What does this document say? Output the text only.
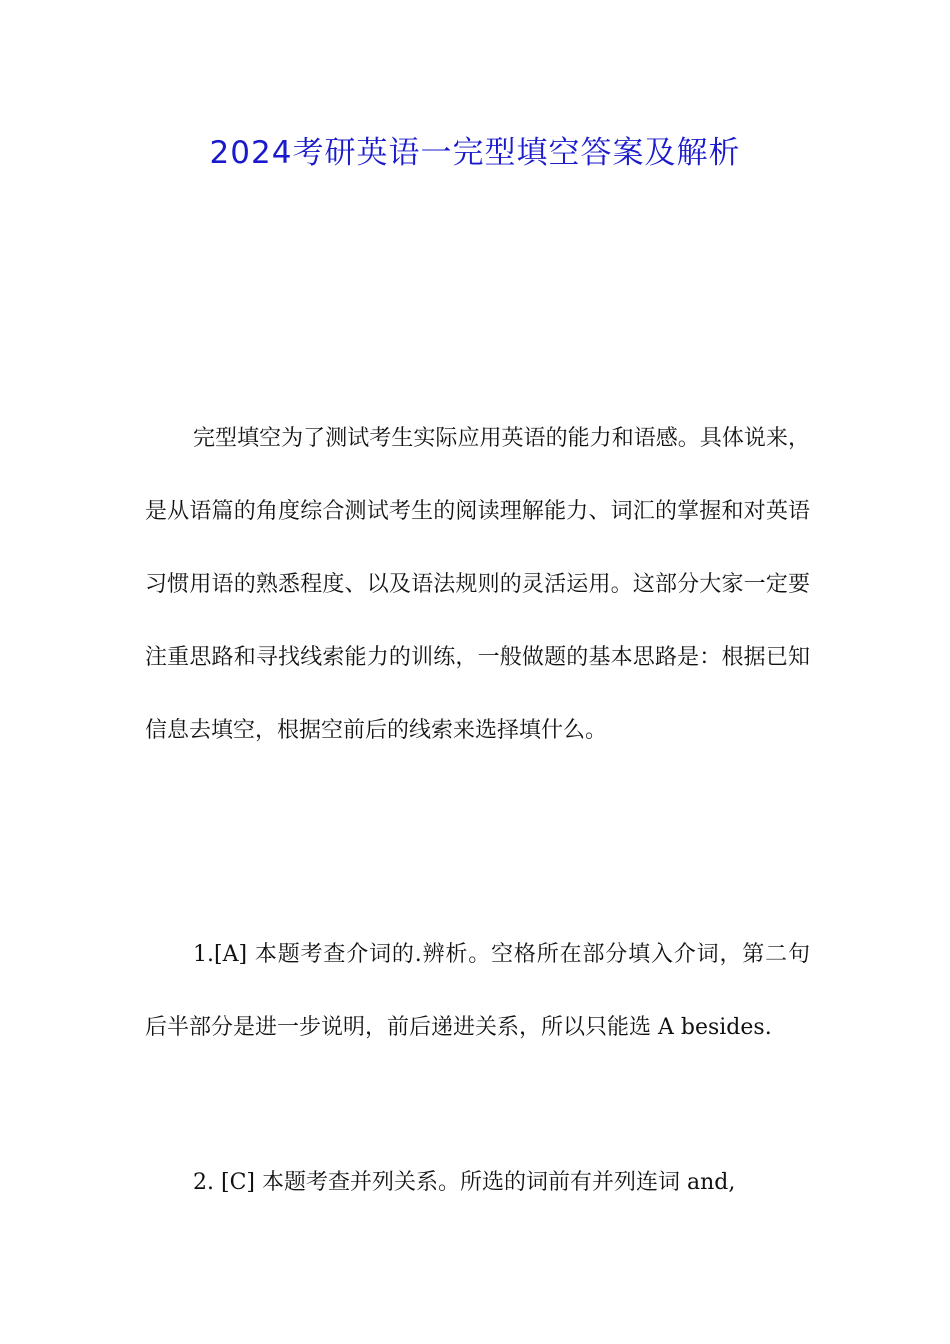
2024考研英语一完型填空答案及解析

完型填空为了测试考生实际应用英语的能力和语感。具体说来，是从语篇的角度综合测试考生的阅读理解能力、词汇的掌握和对英语习惯用语的熟悉程度、以及语法规则的灵活运用。这部分大家一定要注重思路和寻找线索能力的训练，一般做题的基本思路是：根据已知信息去填空，根据空前后的线索来选择填什么。

1.[A] 本题考查介词的.辨析。空格所在部分填入介词，第二句后半部分是进一步说明，前后递进关系，所以只能选 A besides.

2. [C] 本题考查并列关系。所选的词前有并列连词 and,
